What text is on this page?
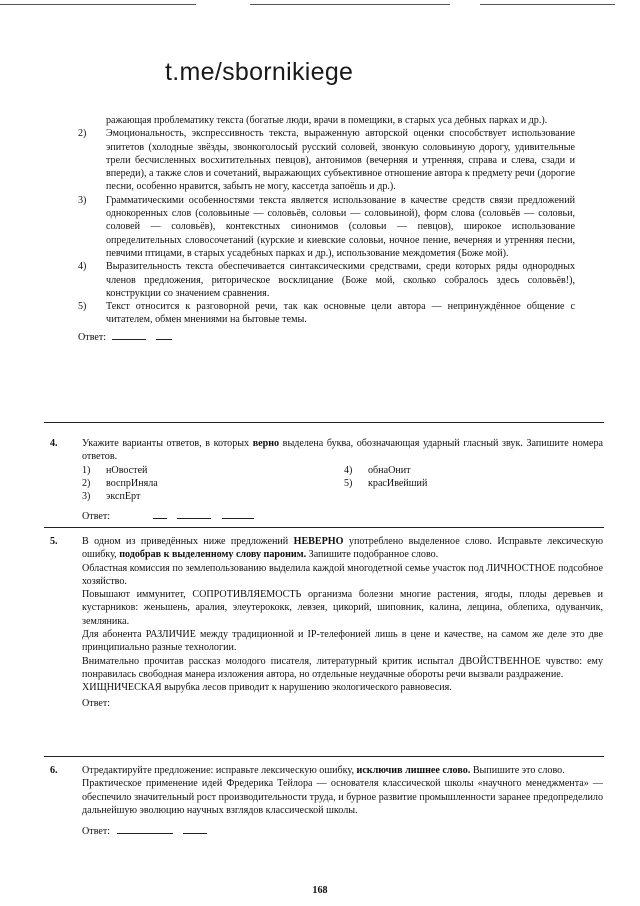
t.me/sbornikiege
ражающая проблематику текста (богатые люди, врачи в помещики, в старых уса дебных парках и др.).
2) Эмоциональность, экспрессивность текста, выраженную авторской оценки способствует использование эпитетов (холодные звёзды, звонкоголосый русский соловей, звонкую соловьиную дорогу, удивительные трели бесчисленных восхитительных певцов), антонимов (вечерняя и утренняя, справа и слева, сзади и впереди), а также слов и сочетаний, выражающих субъективное отношение автора к предмету речи (дорогие песни, особенно нравится, забыть не могу, кассетда запоёшь и др.).
3) Грамматическими особенностями текста является использование в качестве средств связи предложений однокоренных слов (соловьиные — соловьёв, соловьи — соловьиной), форм слова (соловьёв — соловьи, соловей — соловьёв), контекстных синонимов (соловьи — певцов), широкое использование определительных словосочетаний (курские и киевские соловьи, ночное пение, вечерняя и утренняя песни, певчими птицами, в старых усадебных парках и др.), использование междометия (Боже мой).
4) Выразительность текста обеспечивается синтаксическими средствами, среди которых ряды однородных членов предложения, риторическое восклицание (Боже мой, сколько собралось здесь соловьёв!), конструкции со значением сравнения.
5) Текст относится к разговорной речи, так как основные цели автора — непринуждённое общение с читателем, обмен мнениями на бытовые темы.
Ответ:
4. Укажите варианты ответов, в которых верно выделена буква, обозначающая ударный гласный звук. Запишите номера ответов.
1) нОвостей	4) обнаОнит
2) воспрИняла	5) красИвейший
3) экспЕрт
Ответ:
5. В одном из приведённых ниже предложений НЕВЕРНО употреблено выделенное слово. Исправьте лексическую ошибку, подобрав к выделенному слову пароним. Запишите подобранное слово.
Областная комиссия по землепользованию выделила каждой многодетной семье участок под ЛИЧНОСТНОЕ подсобное хозяйство.
Повышают иммунитет, СОПРОТИВЛЯЕМОСТЬ организма болезни многие растения, ягоды, плоды деревьев и кустарников: женьшень, аралия, элеутерококк, левзея, цикорий, шиповник, калина, лещина, облепиха, одуванчик, земляника.
Для абонента РАЗЛИЧИЕ между традиционной и IP-телефонией лишь в цене и качестве, на самом же деле это две принципиально разные технологии.
Внимательно прочитав рассказ молодого писателя, литературный критик испытал ДВОЙСТВЕННОЕ чувство: ему понравилась свободная манера изложения автора, но отдельные неудачные обороты речи вызвали раздражение.
ХИЩНИЧЕСКАЯ вырубка лесов приводит к нарушению экологического равновесия.
Ответ:
6. Отредактируйте предложение: исправьте лексическую ошибку, исключив лишнее слово. Выпишите это слово.
Практическое применение идей Фредерика Тейлора — основателя классической школы «научного менеджмента» — обеспечило значительный рост производительности труда, и бурное развитие промышленности заранее предопределило дальнейшую эволюцию научных взглядов классической школы.
Ответ:
168
